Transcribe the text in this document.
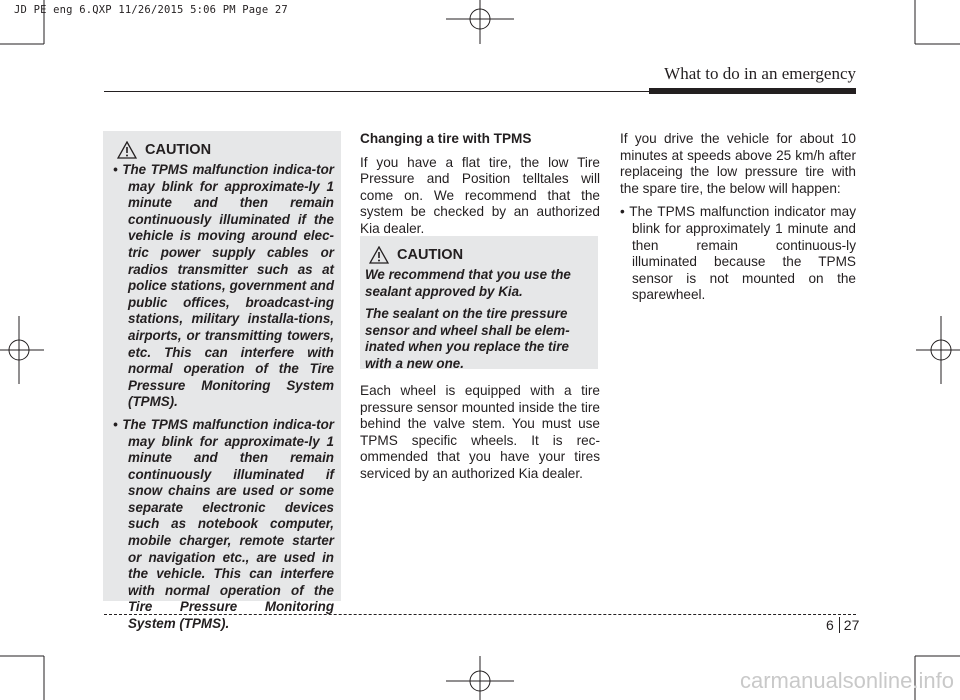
JD PE eng 6.QXP 11/26/2015 5:06 PM Page 27
What to do in an emergency
CAUTION
• The TPMS malfunction indica-tor may blink for approximate-ly 1 minute and then remain continuously illuminated if the vehicle is moving around elec-tric power supply cables or radios transmitter such as at police stations, government and public offices, broadcast-ing stations, military installa-tions, airports, or transmitting towers, etc. This can interfere with normal operation of the Tire Pressure Monitoring System (TPMS).
• The TPMS malfunction indica-tor may blink for approximate-ly 1 minute and then remain continuously illuminated if snow chains are used or some separate electronic devices such as notebook computer, mobile charger, remote starter or navigation etc., are used in the vehicle. This can interfere with normal operation of the Tire Pressure Monitoring System (TPMS).

Changing a tire with TPMS

If you have a flat tire, the low Tire Pressure and Position telltales will come on. We recommend that the system be checked by an authorized Kia dealer.

CAUTION

We recommend that you use the sealant approved by Kia.

The sealant on the tire pressure sensor and wheel shall be elem-inated when you replace the tire with a new one.

Each wheel is equipped with a tire pressure sensor mounted inside the tire behind the valve stem. You must use TPMS specific wheels. It is rec-ommended that you have your tires serviced by an authorized Kia dealer.

If you drive the vehicle for about 10 minutes at speeds above 25 km/h after replaceing the low pressure tire with the spare tire, the below will happen:

• The TPMS malfunction indicator may blink for approximately 1 minute and then remain continuous-ly illuminated because the TPMS sensor is not mounted on the sparewheel.

6 27
carmanualsonline.info
